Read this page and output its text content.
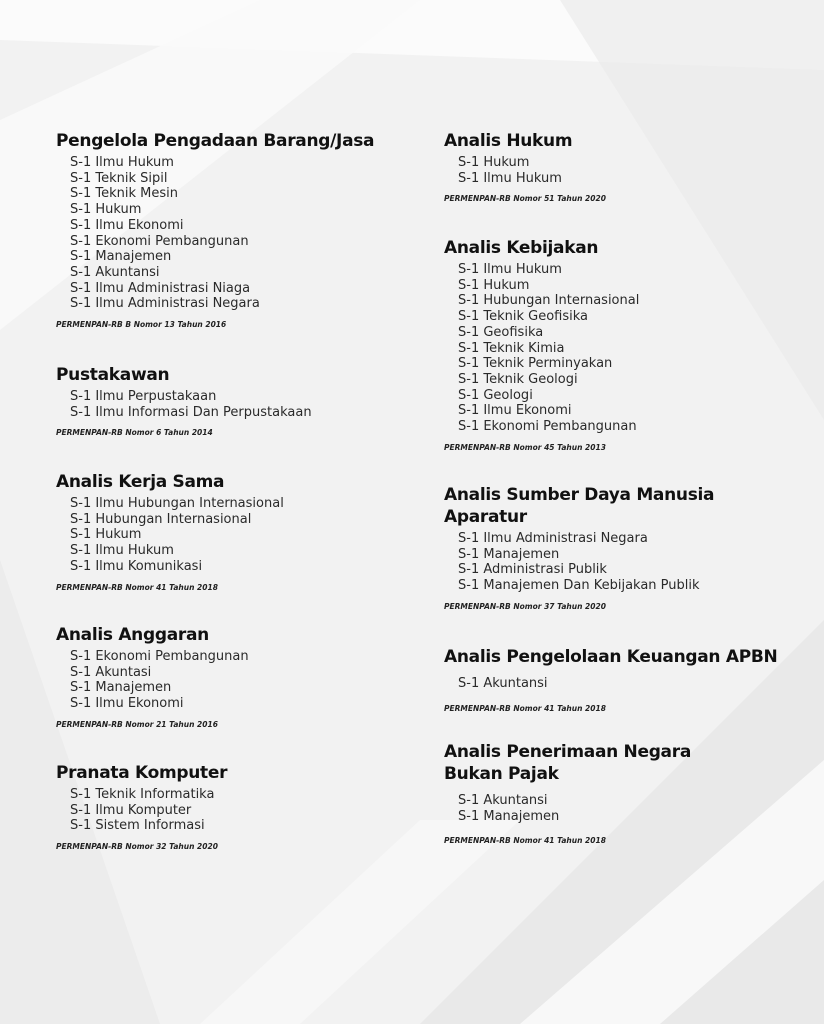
Pengelola Pengadaan Barang/Jasa
S-1 Ilmu Hukum
S-1 Teknik Sipil
S-1 Teknik Mesin
S-1 Hukum
S-1 Ilmu Ekonomi
S-1 Ekonomi Pembangunan
S-1 Manajemen
S-1 Akuntansi
S-1 Ilmu Administrasi Niaga
S-1 Ilmu Administrasi Negara

PERMENPAN-RB B Nomor 13 Tahun 2016

Pustakawan
S-1 Ilmu Perpustakaan
S-1 Ilmu Informasi Dan Perpustakaan

PERMENPAN-RB Nomor 6 Tahun 2014

Analis Kerja Sama
S-1 Ilmu Hubungan Internasional
S-1 Hubungan Internasional
S-1 Hukum
S-1 Ilmu Hukum
S-1 Ilmu Komunikasi

PERMENPAN-RB Nomor 41 Tahun 2018

Analis Anggaran
S-1 Ekonomi Pembangunan
S-1 Akuntasi
S-1 Manajemen
S-1 Ilmu Ekonomi

PERMENPAN-RB Nomor 21 Tahun 2016

Pranata Komputer
S-1 Teknik Informatika
S-1 Ilmu Komputer
S-1 Sistem Informasi

PERMENPAN-RB Nomor 32 Tahun 2020

Analis Hukum
S-1 Hukum
S-1 Ilmu Hukum

PERMENPAN-RB Nomor 51 Tahun 2020

Analis Kebijakan
S-1 Ilmu Hukum
S-1 Hukum
S-1 Hubungan Internasional
S-1 Teknik Geofisika
S-1 Geofisika
S-1 Teknik Kimia
S-1 Teknik Perminyakan
S-1 Teknik Geologi
S-1 Geologi
S-1 Ilmu Ekonomi
S-1 Ekonomi Pembangunan

PERMENPAN-RB Nomor 45 Tahun 2013

Analis Sumber Daya Manusia Aparatur
S-1 Ilmu Administrasi Negara
S-1 Manajemen
S-1 Administrasi Publik
S-1 Manajemen Dan Kebijakan Publik

PERMENPAN-RB Nomor 37 Tahun 2020

Analis Pengelolaan Keuangan APBN
S-1 Akuntansi

PERMENPAN-RB Nomor 41 Tahun 2018

Analis Penerimaan Negara Bukan Pajak
S-1 Akuntansi
S-1 Manajemen

PERMENPAN-RB Nomor 41 Tahun 2018
